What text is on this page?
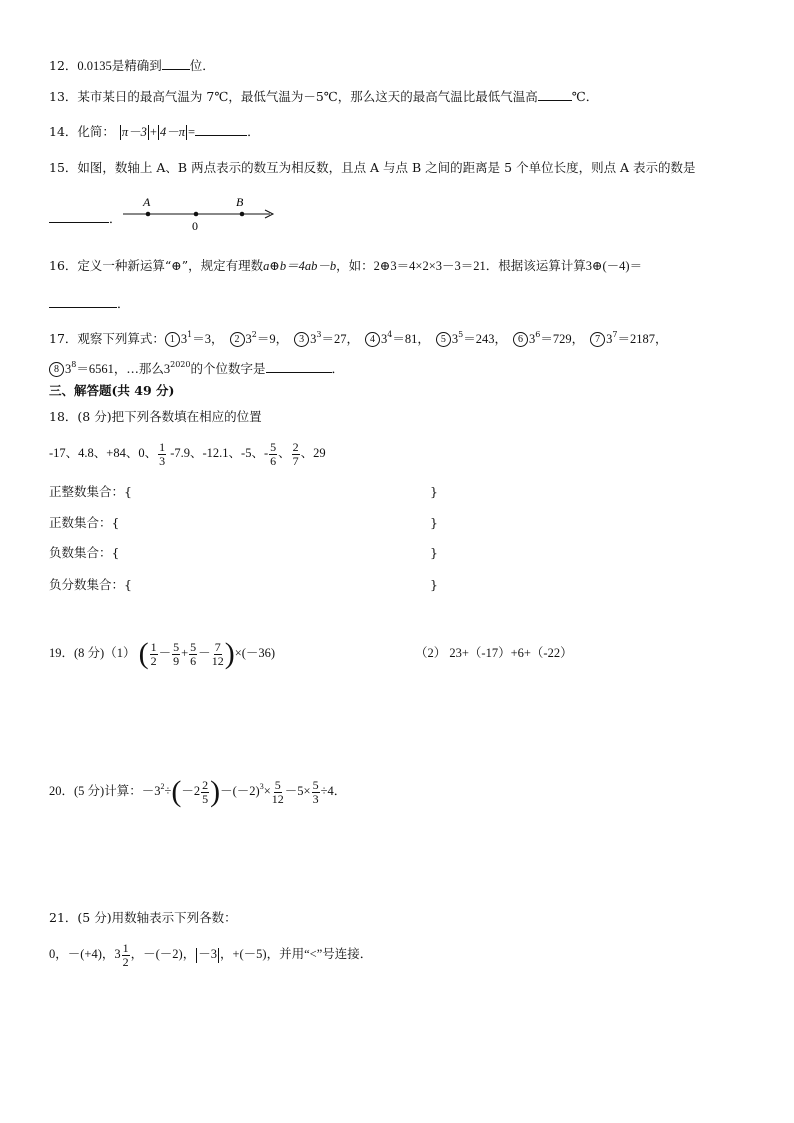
12．0.0135是精确到 位．
13．某市某日的最高气温为 7℃，最低气温为－5℃，那么这天的最高气温比最低气温高	℃．
14．化简： π－3 + 4－π =	．
15．如图，数轴上 A、B 两点表示的数互为相反数，且点 A 与点 B 之间的距离是 5 个单位长度，则点 A 表示的数是
．
A	B
0
16．定义一种新运算“⊕”，规定有理数a⊕b＝4ab－b，如：2⊕3＝4×2×3－3＝21．根据该运算计算3⊕(－4)＝
．
17．观察下列算式： 1 $3^1=3$， 2 $3^2=9$， 3 $3^3=27$， 4 $3^4=81$， 5 $3^5=243$， 6 $3^6=729$， 7 $3^7=2187$，
8 $3^8=6561$，…那么$3^{2020}$的个位数字是	．
三、解答题(共 49 分)
18．(8 分)把下列各数填在相应的位置
-17、4.8、+84、0、 $\frac{1}{3} -7.9$、-12.1、-5、- $\frac{5}{6}$ 、 $\frac{2}{7}$ 、29
正整数集合：{	}
正数集合：{	}
负数集合：{	}
负分数集合：{	}
19．(8 分)（1） ( $\frac{1}{2} - \frac{5}{9} + \frac{5}{6} - \frac{7}{12} )\times(-36)$	（2） 23+（-17）+6+（-22）
20．(5 分)计算：$-3^2\div(-2 \frac{2}{5} )-(-2)^3\times \frac{5}{12} -5\times \frac{5}{3} \div 4$．
21．(5 分)用数轴表示下列各数：
0，－(+4)，$3 \frac{1}{2}$ ，－(－2)， －3 ，+(－5)，并用“<”号连接．
